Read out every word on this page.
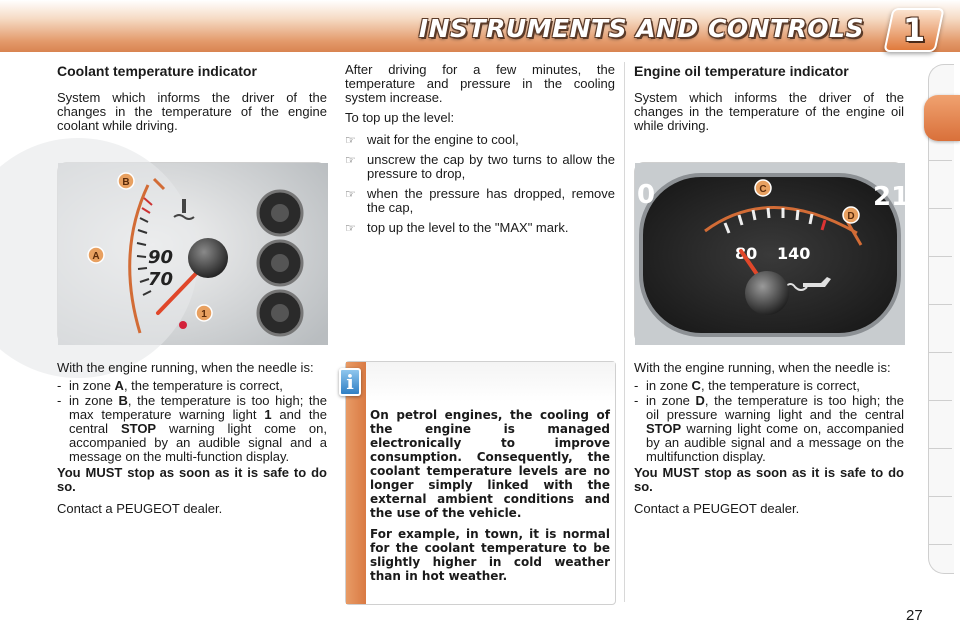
INSTRUMENTS AND CONTROLS	1
Coolant temperature indicator

System which informs the driver of the changes in the temperature of the engine coolant while driving.

B
A	90
70
1

With the engine running, when the needle is:

- in zone A, the temperature is correct,
- in zone B, the temperature is too high; the max temperature warning light 1 and the central STOP warning light come on, accompanied by an audible signal and a message on the multi-function display.

You MUST stop as soon as it is safe to do so.

Contact a PEUGEOT dealer.

After driving for a few minutes, the temperature and pressure in the cooling system increase.

To top up the level:

☞ wait for the engine to cool,
☞ unscrew the cap by two turns to allow the pressure to drop,
☞ when the pressure has dropped, remove the cap,
☞ top up the level to the "MAX" mark.
i

On petrol engines, the cooling of the engine is managed electronically to improve consumption. Consequently, the coolant temperature levels are no longer simply linked with the external ambient conditions and the use of the vehicle.

For example, in town, it is normal for the coolant temperature to be slightly higher in cold weather than in hot weather.

Engine oil temperature indicator

System which informs the driver of the changes in the temperature of the engine oil while driving.

0	21
C
D
80 140

With the engine running, when the needle is:

- in zone C, the temperature is correct,
- in zone D, the temperature is too high; the oil pressure warning light and the central STOP warning light come on, accompanied by an audible signal and a message on the multifunction display.

You MUST stop as soon as it is safe to do so.

Contact a PEUGEOT dealer.

27
